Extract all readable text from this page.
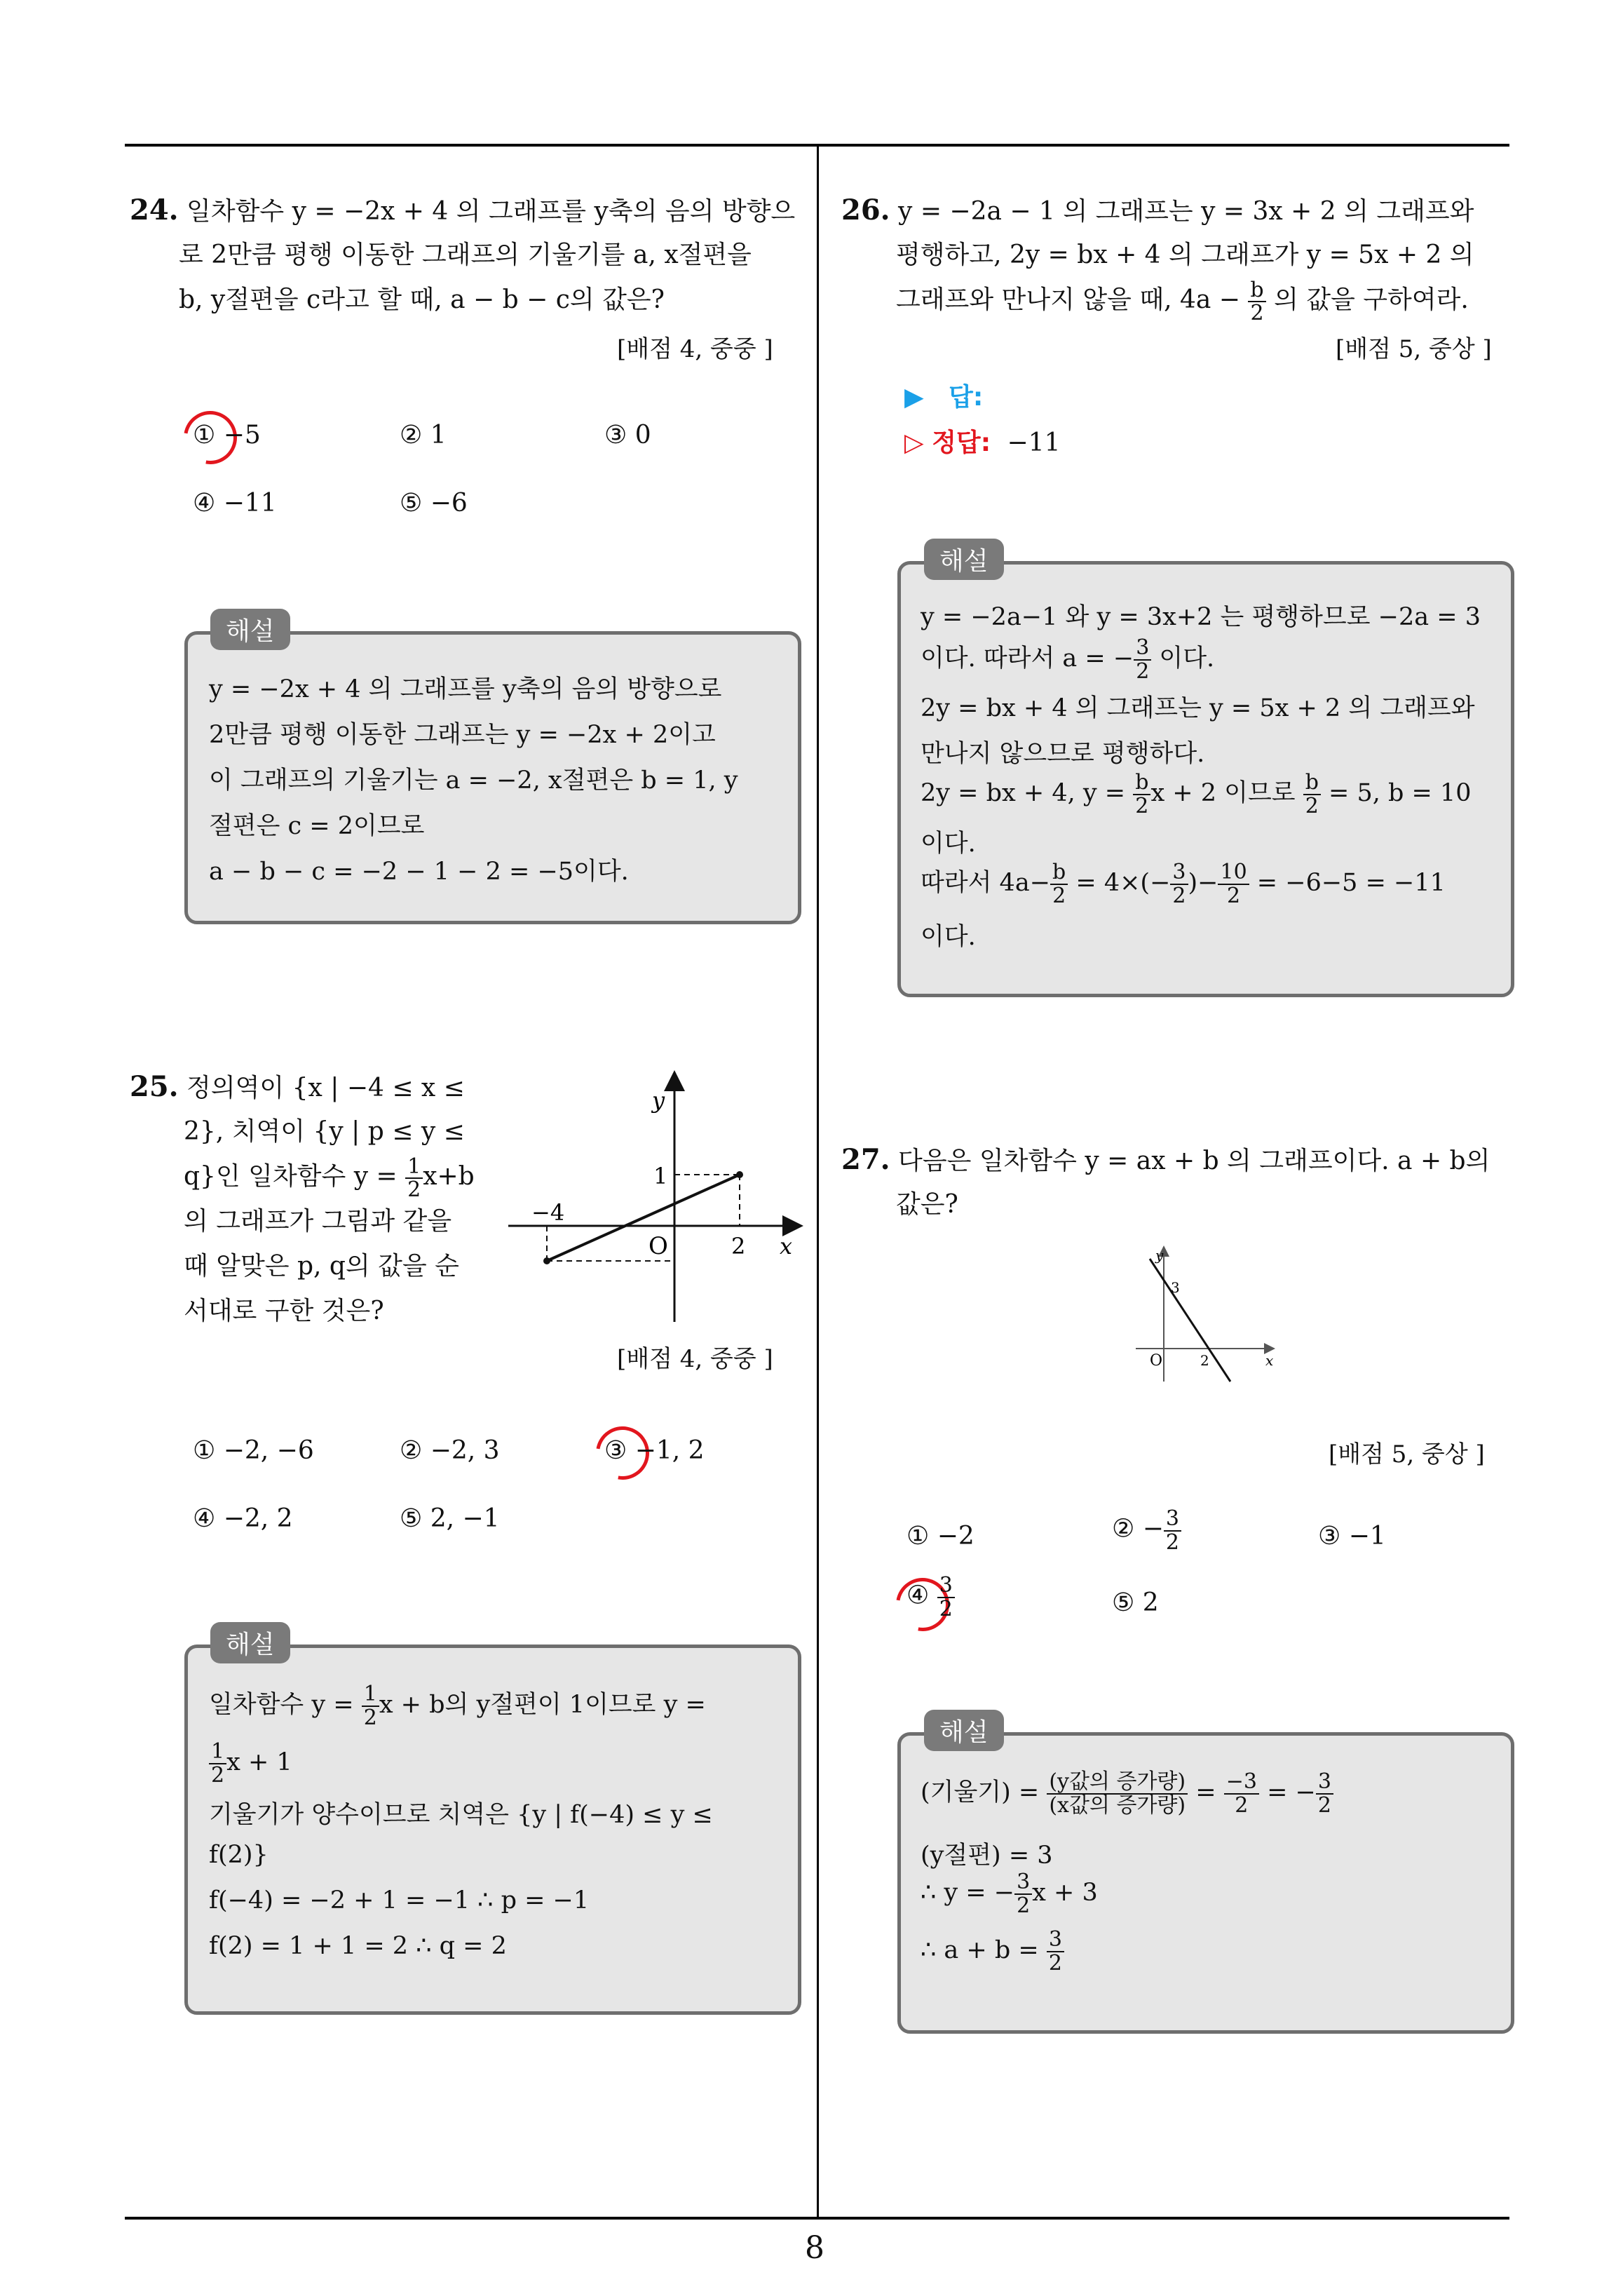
8
24. 일차함수 y = −2x + 4 의 그래프를 y축의 음의 방향으
로 2만큼 평행 이동한 그래프의 기울기를 a, x절편을
b, y절편을 c라고 할 때, a − b − c의 값은?
[배점 4, 중중 ]
① −5	② 1	③ 0
④ −11	⑤ −6
해설
y = −2x + 4 의 그래프를 y축의 음의 방향으로
2만큼 평행 이동한 그래프는 y = −2x + 2이고
이 그래프의 기울기는 a = −2, x절편은 b = 1, y
절편은 c = 2이므로
a − b − c = −2 − 1 − 2 = −5이다.
25. 정의역이 {x | −4 ≤ x ≤
2}, 치역이 {y | p ≤ y ≤
q}인 일차함수 $y = \frac{1}{2} x+b$
의 그래프가 그림과 같을
때 알맞은 p, q의 값을 순
서대로 구한 것은?
y
x
O
1
2
−4
[배점 4, 중중 ]
① −2, −6	② −2, 3	③ −1, 2
④ −2, 2	⑤ 2, −1
해설
일차함수 $y = \frac{1}{2}$ x + b의 y절편이 1이므로 y =
$\frac{1}{2}$ x + 1
기울기가 양수이므로 치역은 {y | f(−4) ≤ y ≤
f(2)}
f(−4) = −2 + 1 = −1 ∴ p = −1
f(2) = 1 + 1 = 2 ∴ q = 2
26. y = −2a − 1 의 그래프는 y = 3x + 2 의 그래프와
평행하고, 2y = bx + 4 의 그래프가 y = 5x + 2 의
그래프와 만나지 않을 때, $4a - \frac{b}{2}$ 의 값을 구하여라.
[배점 5, 중상 ]
▶ 답:
▷ 정답: −11
해설
y = −2a−1 와 y = 3x+2 는 평행하므로 −2a = 3
이다. 따라서 a = − $\frac{3}{2}$ 이다.
2y = bx + 4 의 그래프는 y = 5x + 2 의 그래프와
만나지 않으므로 평행하다.
2y = bx + 4, $y = \frac{b}{2}$ x + 2 이므로 $\frac{b}{2} = 5$, b = 10
이다.
따라서 $4a- \frac{b}{2} = 4\times(- \frac{3}{2}$ )− $\frac{10}{2} = -6-5 = -11$
이다.
27. 다음은 일차함수 y = ax + b 의 그래프이다. a + b의
값은?
y
x
O
3
2
[배점 5, 중상 ]
① −2	② − $\frac{3}{2}$	③ −1
④ $\frac{3}{2}$	⑤ 2
해설
(기울기) = $\frac{\text{(y값의 증가량)}}{\text{(x값의 증가량)}} = \frac{-3}{2}$ = − $\frac{3}{2}$
(y절편) = 3
∴ y = − $\frac{3}{2}$ x + 3
∴ $a + b = \frac{3}{2}$
